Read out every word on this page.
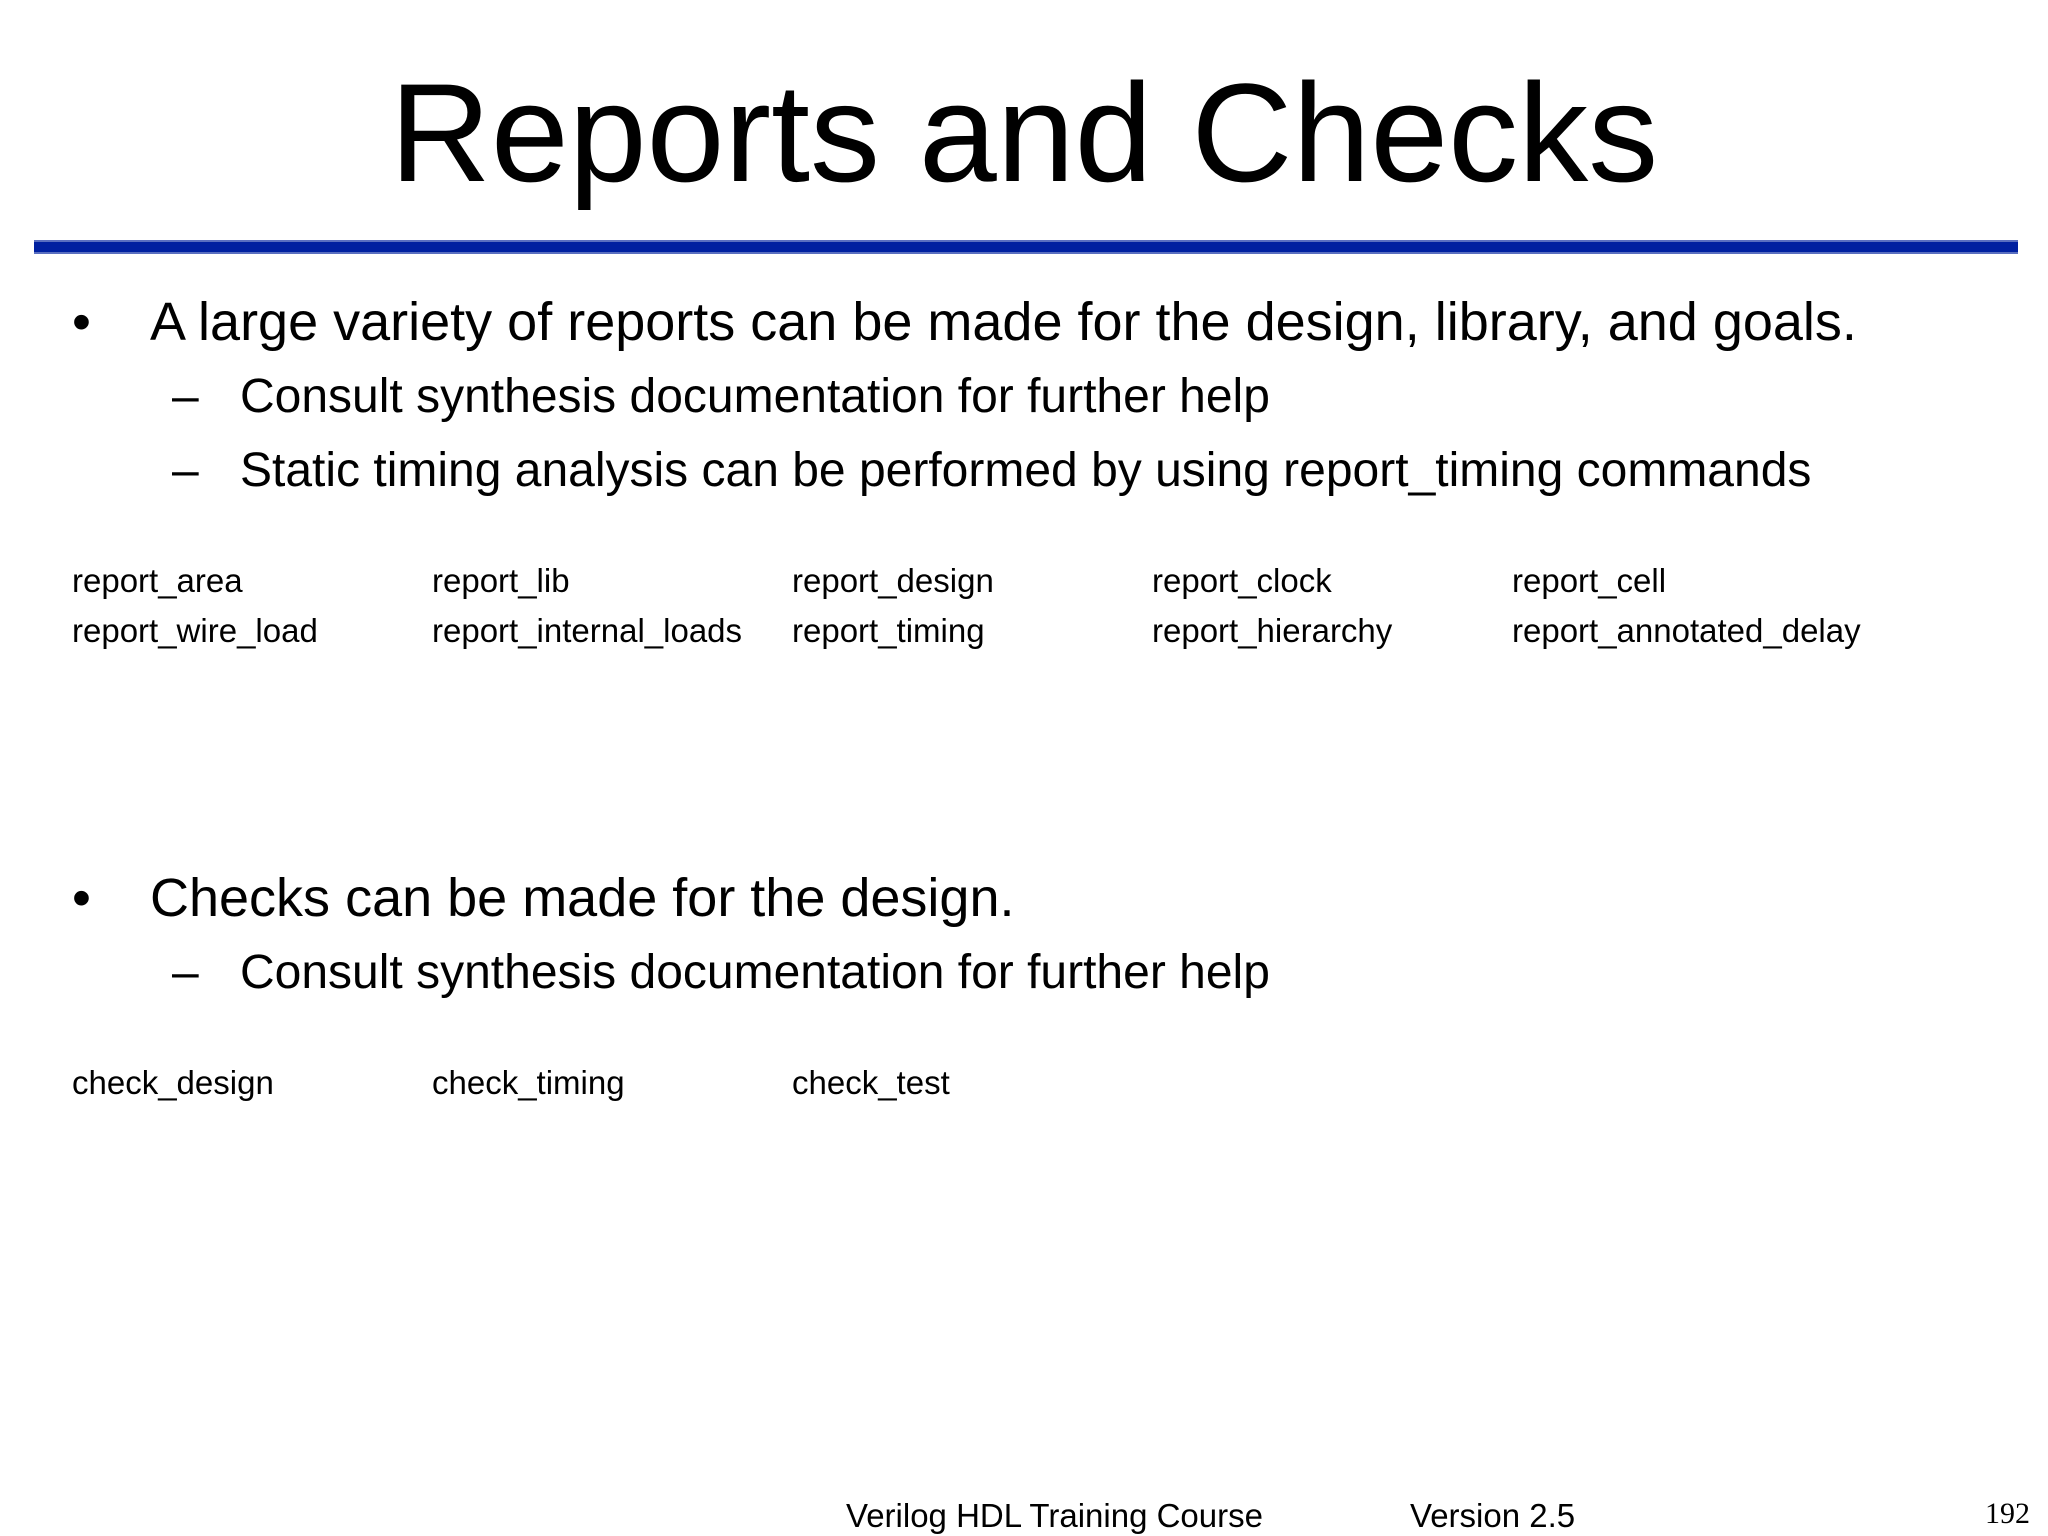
Reports and Checks
•	A large variety of reports can be made for the design, library, and goals.
– Consult synthesis documentation for further help
– Static timing analysis can be performed by using report_timing commands
report_area	report_lib	report_design	report_clock	report_cell
report_wire_load	report_internal_loads	report_timing	report_hierarchy	report_annotated_delay
•	Checks can be made for the design.
– Consult synthesis documentation for further help
check_design	check_timing	check_test
Verilog HDL Training Course	Version 2.5	192
